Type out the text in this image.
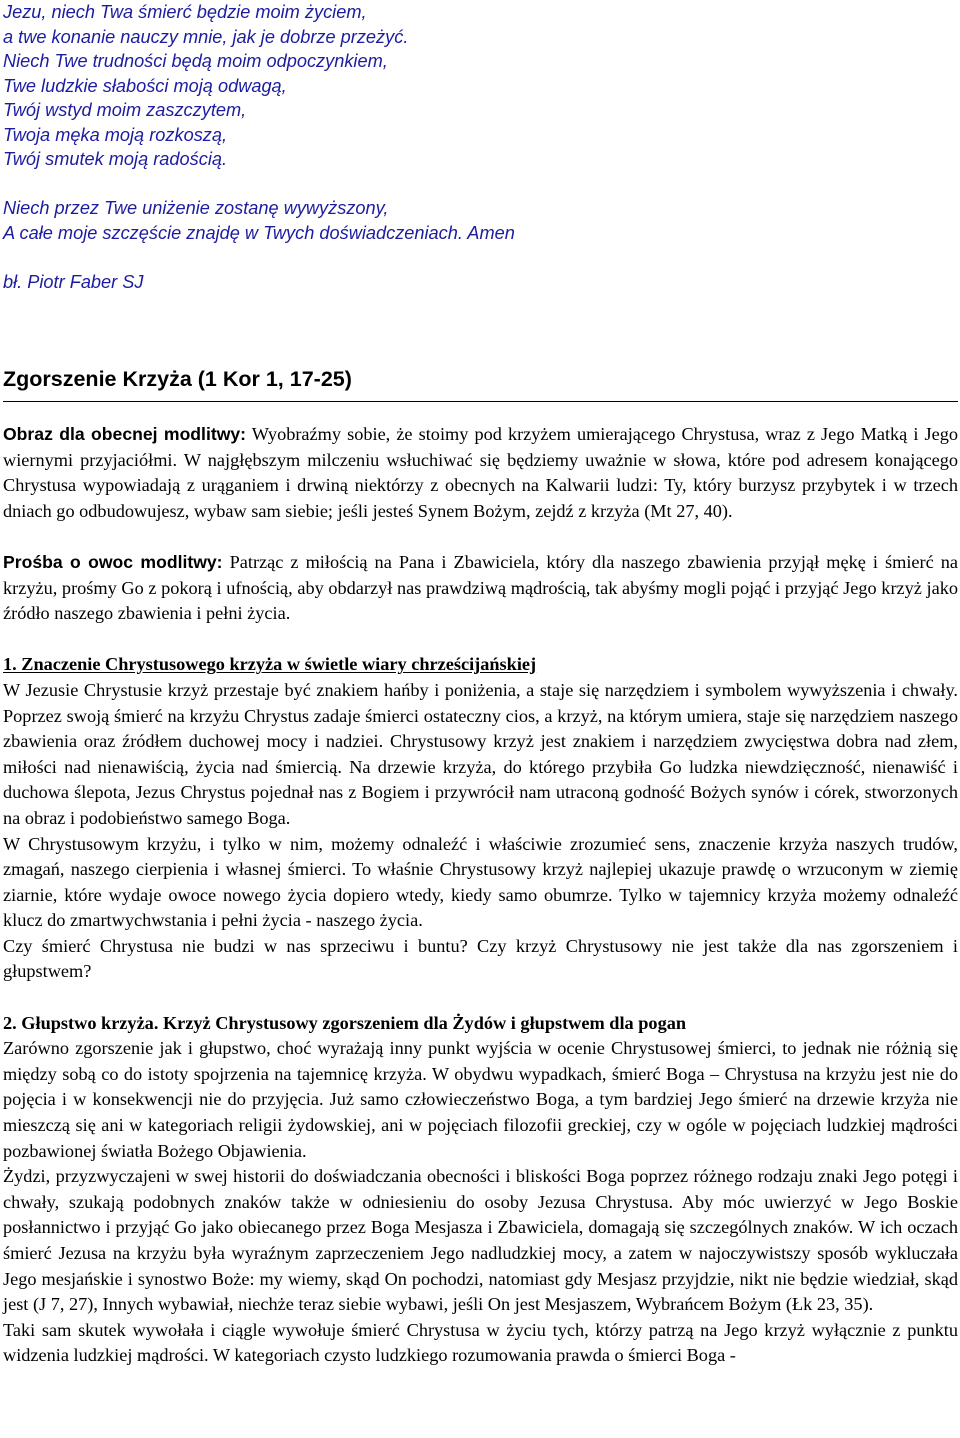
Jezu, niech Twa śmierć będzie moim życiem,
a twe konanie nauczy mnie, jak je dobrze przeżyć.
Niech Twe trudności będą moim odpoczynkiem,
Twe ludzkie słabości moją odwagą,
Twój wstyd moim zaszczytem,
Twoja męka moją rozkoszą,
Twój smutek moją radością.
Niech przez Twe uniżenie zostanę wywyższony,
A całe moje szczęście znajdę w Twych doświadczeniach. Amen
bł. Piotr Faber SJ
Zgorszenie Krzyża (1 Kor 1, 17-25)

Obraz dla obecnej modlitwy: Wyobraźmy sobie, że stoimy pod krzyżem umierającego Chrystusa, wraz z Jego Matką i Jego wiernymi przyjaciółmi. W najgłębszym milczeniu wsłuchiwać się będziemy uważnie w słowa, które pod adresem konającego Chrystusa wypowiadają z urąganiem i drwiną niektórzy z obecnych na Kalwarii ludzi: Ty, który burzysz przybytek i w trzech dniach go odbudowujesz, wybaw sam siebie; jeśli jesteś Synem Bożym, zejdź z krzyża (Mt 27, 40).

Prośba o owoc modlitwy: Patrząc z miłością na Pana i Zbawiciela, który dla naszego zbawienia przyjął mękę i śmierć na krzyżu, prośmy Go z pokorą i ufnością, aby obdarzył nas prawdziwą mądrością, tak abyśmy mogli pojąć i przyjąć Jego krzyż jako źródło naszego zbawienia i pełni życia.

1. Znaczenie Chrystusowego krzyża w świetle wiary chrześcijańskiej

W Jezusie Chrystusie krzyż przestaje być znakiem hańby i poniżenia, a staje się narzędziem i symbolem wywyższenia i chwały. Poprzez swoją śmierć na krzyżu Chrystus zadaje śmierci ostateczny cios, a krzyż, na którym umiera, staje się narzędziem naszego zbawienia oraz źródłem duchowej mocy i nadziei. Chrystusowy krzyż jest znakiem i narzędziem zwycięstwa dobra nad złem, miłości nad nienawiścią, życia nad śmiercią. Na drzewie krzyża, do którego przybiła Go ludzka niewdzięczność, nienawiść i duchowa ślepota, Jezus Chrystus pojednał nas z Bogiem i przywrócił nam utraconą godność Bożych synów i córek, stworzonych na obraz i podobieństwo samego Boga.

W Chrystusowym krzyżu, i tylko w nim, możemy odnaleźć i właściwie zrozumieć sens, znaczenie krzyża naszych trudów, zmagań, naszego cierpienia i własnej śmierci. To właśnie Chrystusowy krzyż najlepiej ukazuje prawdę o wrzuconym w ziemię ziarnie, które wydaje owoce nowego życia dopiero wtedy, kiedy samo obumrze. Tylko w tajemnicy krzyża możemy odnaleźć klucz do zmartwychwstania i pełni życia - naszego życia.

Czy śmierć Chrystusa nie budzi w nas sprzeciwu i buntu? Czy krzyż Chrystusowy nie jest także dla nas zgorszeniem i głupstwem?

2. Głupstwo krzyża. Krzyż Chrystusowy zgorszeniem dla Żydów i głupstwem dla pogan

Zarówno zgorszenie jak i głupstwo, choć wyrażają inny punkt wyjścia w ocenie Chrystusowej śmierci, to jednak nie różnią się między sobą co do istoty spojrzenia na tajemnicę krzyża. W obydwu wypadkach, śmierć Boga – Chrystusa na krzyżu jest nie do pojęcia i w konsekwencji nie do przyjęcia. Już samo człowieczeństwo Boga, a tym bardziej Jego śmierć na drzewie krzyża nie mieszczą się ani w kategoriach religii żydowskiej, ani w pojęciach filozofii greckiej, czy w ogóle w pojęciach ludzkiej mądrości pozbawionej światła Bożego Objawienia.

Żydzi, przyzwyczajeni w swej historii do doświadczania obecności i bliskości Boga poprzez różnego rodzaju znaki Jego potęgi i chwały, szukają podobnych znaków także w odniesieniu do osoby Jezusa Chrystusa. Aby móc uwierzyć w Jego Boskie posłannictwo i przyjąć Go jako obiecanego przez Boga Mesjasza i Zbawiciela, domagają się szczególnych znaków. W ich oczach śmierć Jezusa na krzyżu była wyraźnym zaprzeczeniem Jego nadludzkiej mocy, a zatem w najoczywistszy sposób wykluczała Jego mesjańskie i synostwo Boże: my wiemy, skąd On pochodzi, natomiast gdy Mesjasz przyjdzie, nikt nie będzie wiedział, skąd jest (J 7, 27), Innych wybawiał, niechże teraz siebie wybawi, jeśli On jest Mesjaszem, Wybrańcem Bożym (Łk 23, 35).

Taki sam skutek wywołała i ciągle wywołuje śmierć Chrystusa w życiu tych, którzy patrzą na Jego krzyż wyłącznie z punktu widzenia ludzkiej mądrości. W kategoriach czysto ludzkiego rozumowania prawda o śmierci Boga -
